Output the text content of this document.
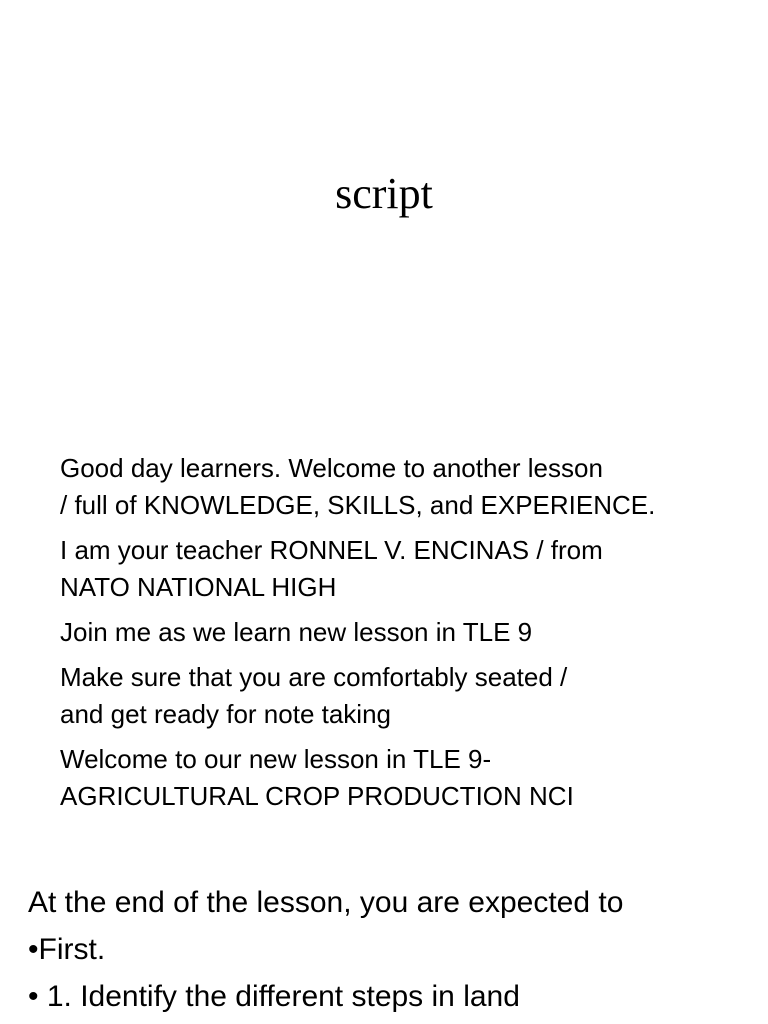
script
Good day learners. Welcome to another lesson
/ full of KNOWLEDGE, SKILLS, and EXPERIENCE.
I am your teacher RONNEL V. ENCINAS / from
NATO NATIONAL HIGH
Join me as we learn new lesson in TLE 9
Make sure that you are comfortably seated /
and get ready for note taking
Welcome to our new lesson in TLE 9-
AGRICULTURAL CROP PRODUCTION NCI
At the end of the lesson, you are expected to
•First.
• 1. Identify the different steps in land
